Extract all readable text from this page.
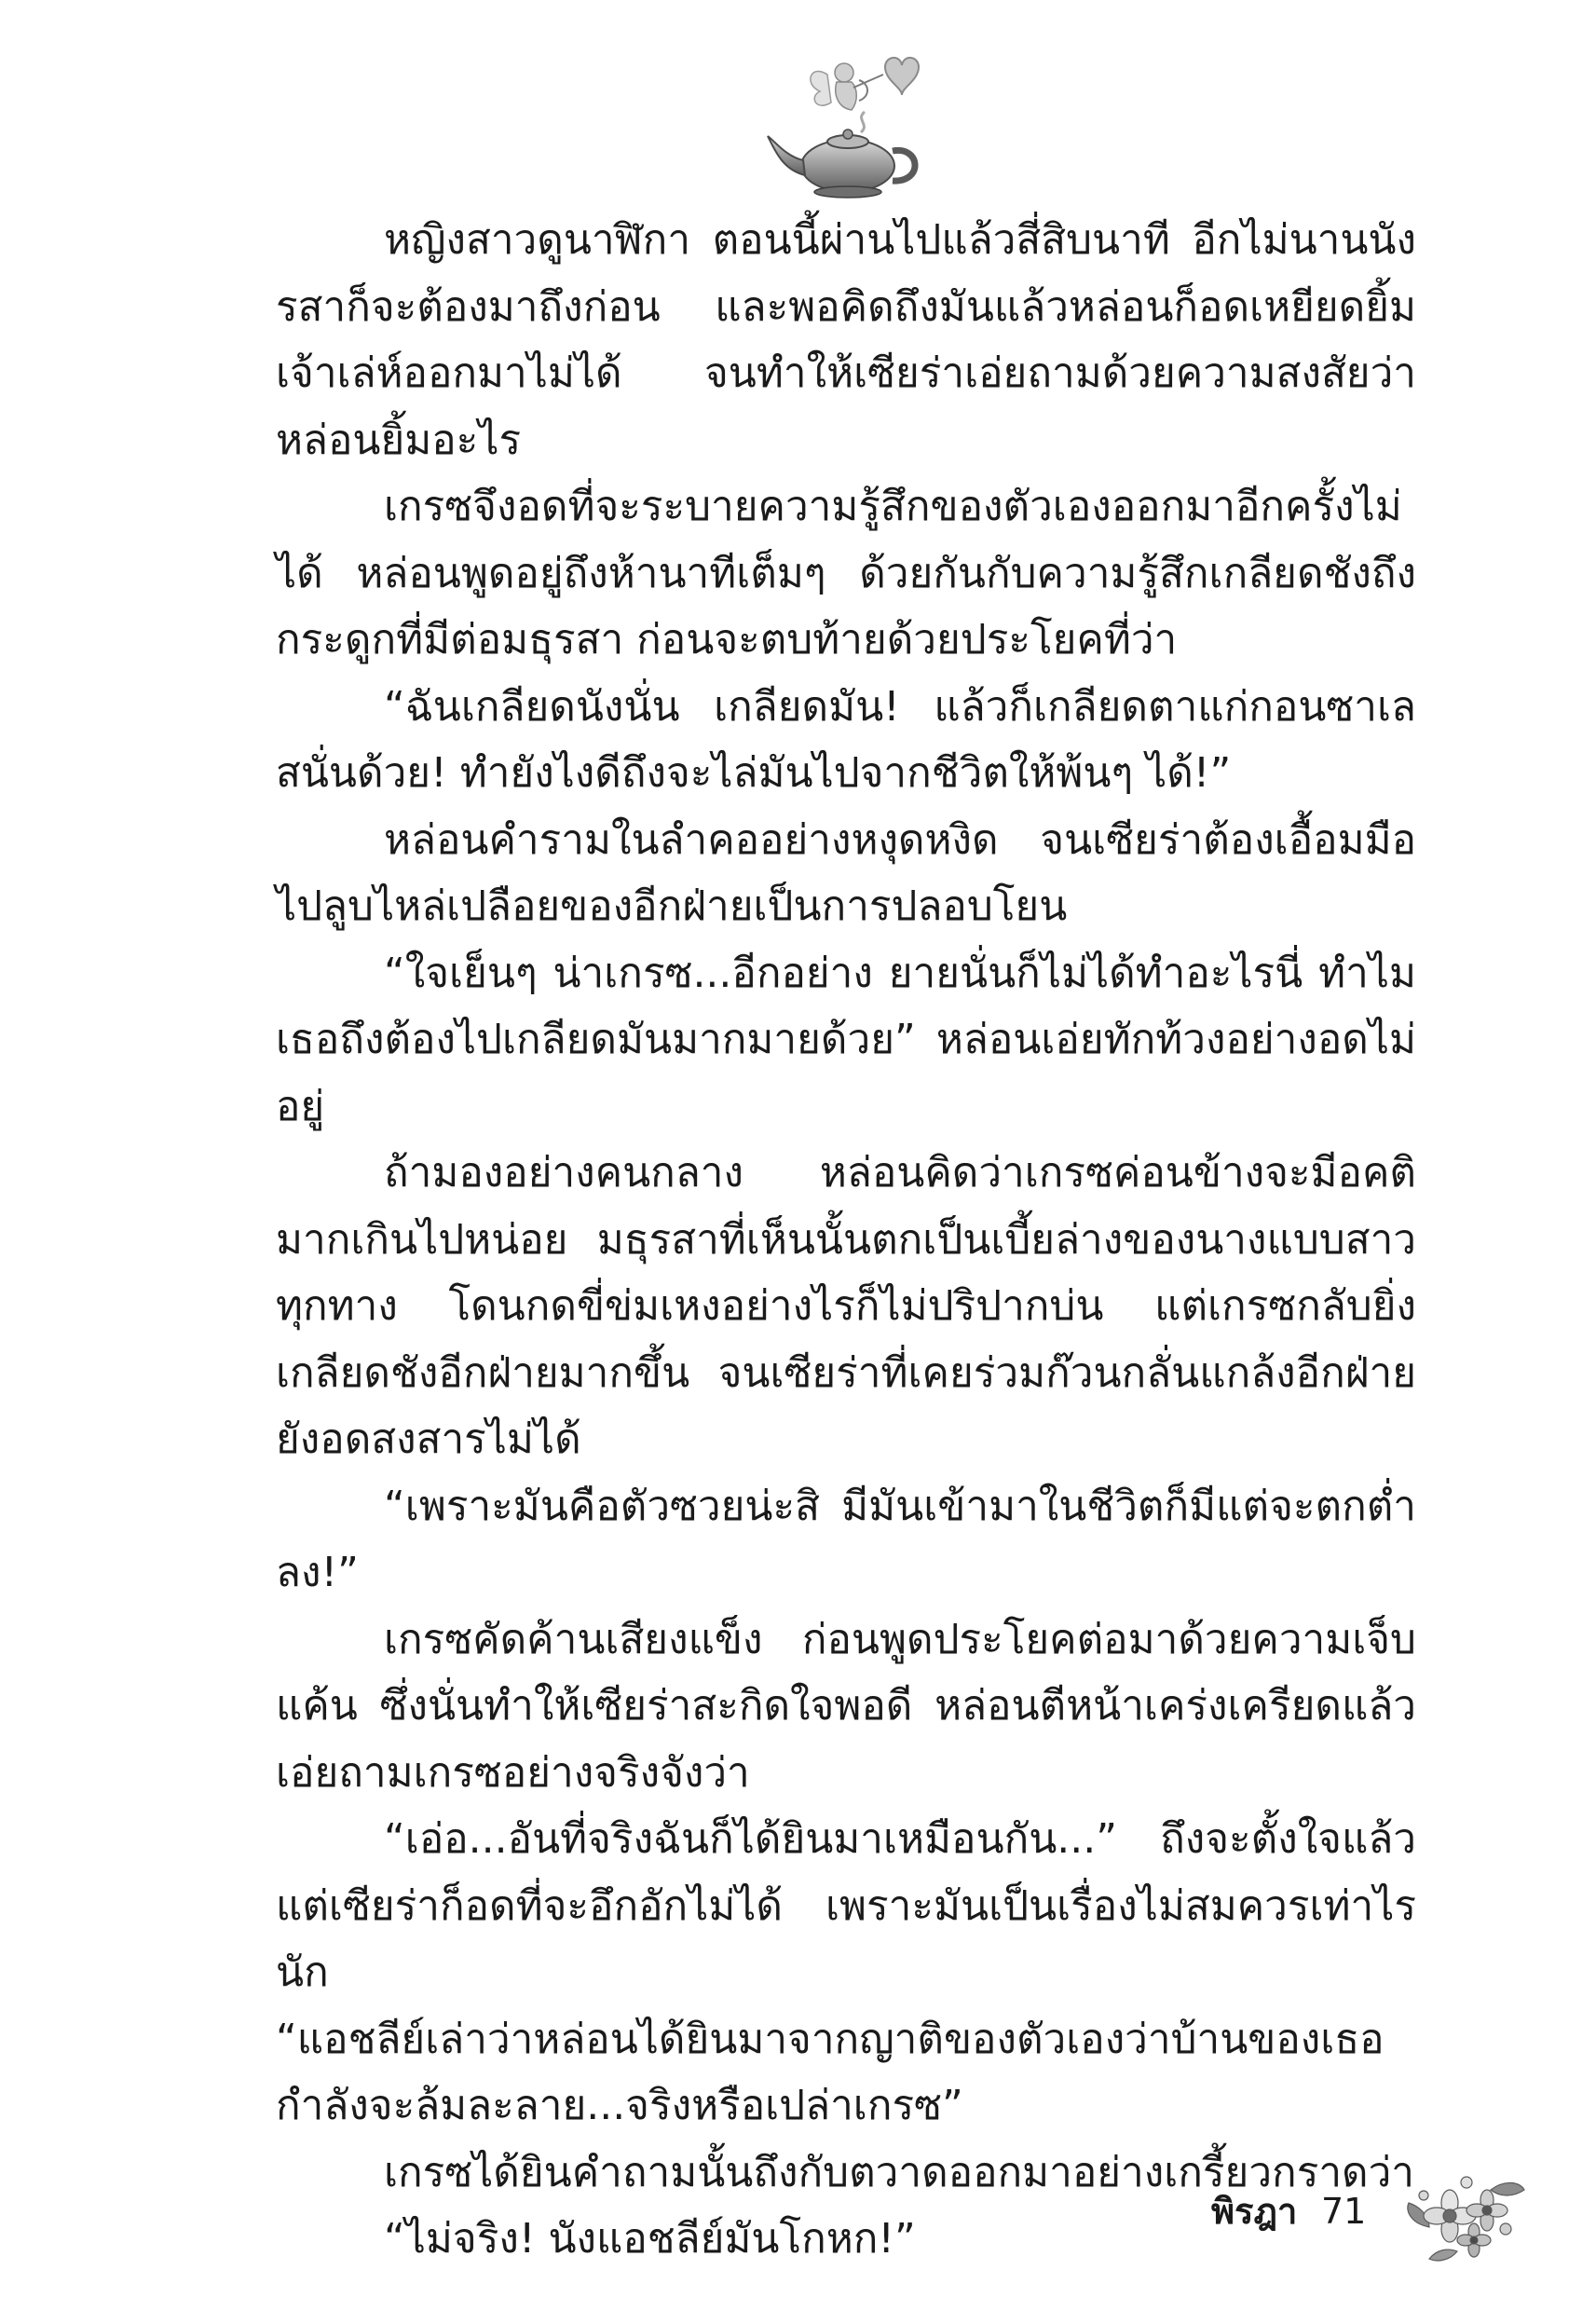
หญิงสาวดูนาฬิกา ตอนนี้ผ่านไปแล้วสี่สิบนาที อีกไม่นานนังรสาก็จะต้องมาถึงก่อน และพอคิดถึงมันแล้วหล่อนก็อดเหยียดยิ้มเจ้าเล่ห์ออกมาไม่ได้ จนทำให้เซียร่าเอ่ยถามด้วยความสงสัยว่าหล่อนยิ้มอะไร

เกรซจึงอดที่จะระบายความรู้สึกของตัวเองออกมาอีกครั้งไม่ได้ หล่อนพูดอยู่ถึงห้านาทีเต็มๆ ด้วยกันกับความรู้สึกเกลียดชังถึงกระดูกที่มีต่อมธุรสา ก่อนจะตบท้ายด้วยประโยคที่ว่า

“ฉันเกลียดนังนั่น เกลียดมัน! แล้วก็เกลียดตาแก่กอนซาเลสนั่นด้วย! ทำยังไงดีถึงจะไล่มันไปจากชีวิตให้พ้นๆ ได้!”

หล่อนคำรามในลำคออย่างหงุดหงิด จนเซียร่าต้องเอื้อมมือไปลูบไหล่เปลือยของอีกฝ่ายเป็นการปลอบโยน

“ใจเย็นๆ น่าเกรซ...อีกอย่าง ยายนั่นก็ไม่ได้ทำอะไรนี่ ทำไมเธอถึงต้องไปเกลียดมันมากมายด้วย” หล่อนเอ่ยทักท้วงอย่างอดไม่อยู่

ถ้ามองอย่างคนกลาง หล่อนคิดว่าเกรซค่อนข้างจะมีอคติมากเกินไปหน่อย มธุรสาที่เห็นนั้นตกเป็นเบี้ยล่างของนางแบบสาวทุกทาง โดนกดขี่ข่มเหงอย่างไรก็ไม่ปริปากบ่น แต่เกรซกลับยิ่งเกลียดชังอีกฝ่ายมากขึ้น จนเซียร่าที่เคยร่วมก๊วนกลั่นแกล้งอีกฝ่ายยังอดสงสารไม่ได้

“เพราะมันคือตัวซวยน่ะสิ มีมันเข้ามาในชีวิตก็มีแต่จะตกต่ำลง!”

เกรซคัดค้านเสียงแข็ง ก่อนพูดประโยคต่อมาด้วยความเจ็บแค้น ซึ่งนั่นทำให้เซียร่าสะกิดใจพอดี หล่อนตีหน้าเคร่งเครียดแล้วเอ่ยถามเกรซอย่างจริงจังว่า

“เอ่อ...อันที่จริงฉันก็ได้ยินมาเหมือนกัน...” ถึงจะตั้งใจแล้ว แต่เซียร่าก็อดที่จะอึกอักไม่ได้ เพราะมันเป็นเรื่องไม่สมควรเท่าไรนัก

“แอชลีย์เล่าว่าหล่อนได้ยินมาจากญาติของตัวเองว่าบ้านของเธอกำลังจะล้มละลาย...จริงหรือเปล่าเกรซ”

เกรซได้ยินคำถามนั้นถึงกับตวาดออกมาอย่างเกรี้ยวกราดว่า

“ไม่จริง! นังแอชลีย์มันโกหก!”

พิรฎา 71
